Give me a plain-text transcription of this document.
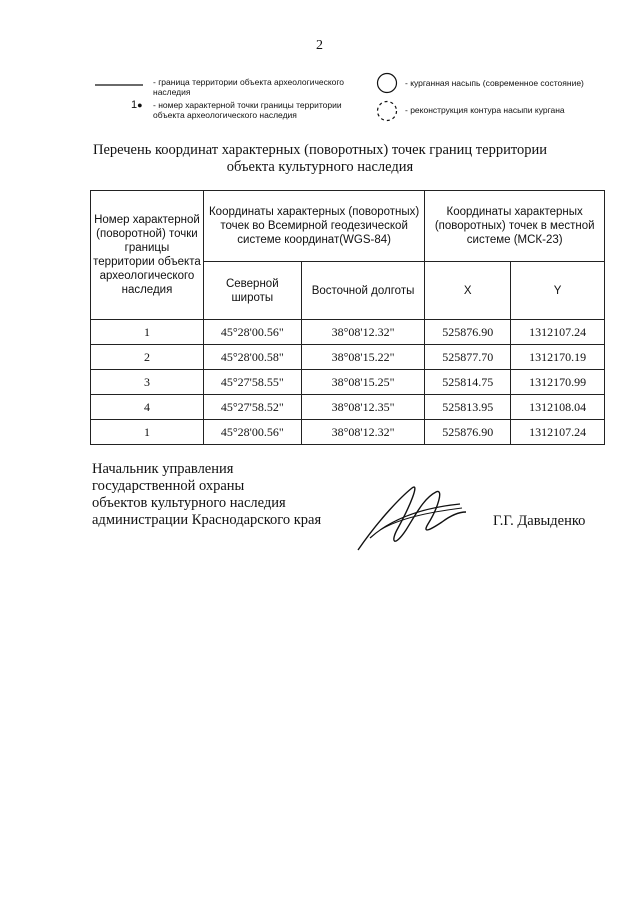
2
- граница территории объекта археологического наследия
1● - номер характерной точки границы территории объекта археологического наследия
- курганная насыпь (современное состояние)
- реконструкция контура насыпи кургана
Перечень координат характерных (поворотных) точек границ территории
объекта культурного наследия
Номер характерной (поворотной) точки границы территории объекта археологического наследия	Координаты характерных (поворотных) точек во Всемирной геодезической системе координат(WGS-84)		Координаты характерных (поворотных) точек в местной системе (МСК-23)	
	Северной широты	Восточной долготы	X	Y
1	45°28'00.56"	38°08'12.32"	525876.90	1312107.24
2	45°28'00.58"	38°08'15.22"	525877.70	1312170.19
3	45°27'58.55"	38°08'15.25"	525814.75	1312170.99
4	45°27'58.52"	38°08'12.35"	525813.95	1312108.04
1	45°28'00.56"	38°08'12.32"	525876.90	1312107.24
Начальник управления
государственной охраны
объектов культурного наследия
администрации Краснодарского края	Г.Г. Давыденко
